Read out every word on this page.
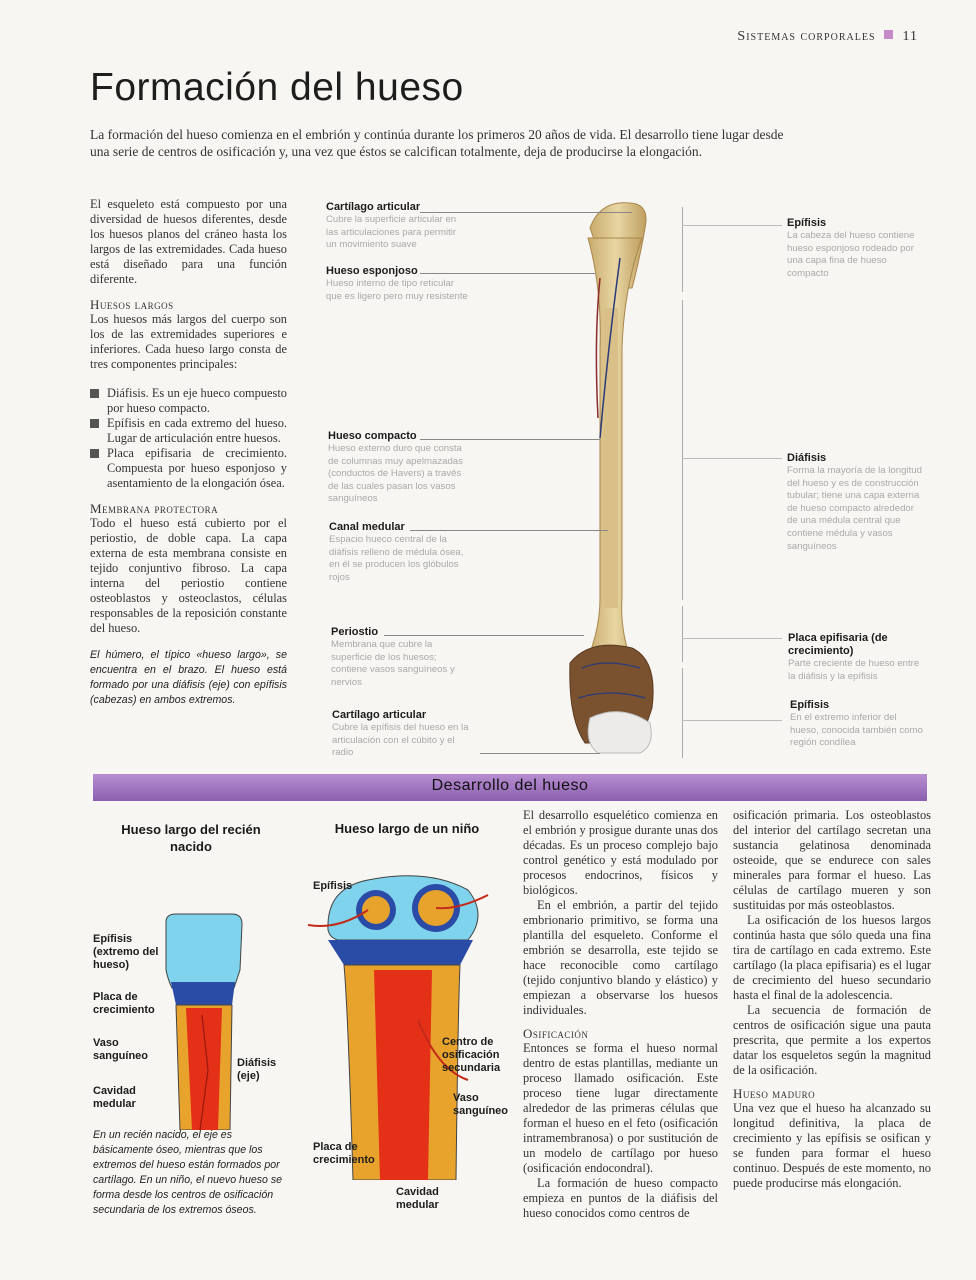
Sistemas corporales 11
Formación del hueso
La formación del hueso comienza en el embrión y continúa durante los primeros 20 años de vida. El desarrollo tiene lugar desde una serie de centros de osificación y, una vez que éstos se calcifican totalmente, deja de producirse la elongación.

El esqueleto está compuesto por una diversidad de huesos diferentes, desde los huesos planos del cráneo hasta los largos de las extremidades. Cada hueso está diseñado para una función diferente.

Huesos largos

Los huesos más largos del cuerpo son los de las extremidades superiores e inferiores. Cada hueso largo consta de tres componentes principales:

Diáfisis. Es un eje hueco compuesto por hueso compacto.
Epífisis en cada extremo del hueso. Lugar de articulación entre huesos.
Placa epifisaria de crecimiento. Compuesta por hueso esponjoso y asentamiento de la elongación ósea.
Membrana protectora

Todo el hueso está cubierto por el periostio, de doble capa. La capa externa de esta membrana consiste en tejido conjuntivo fibroso. La capa interna del periostio contiene osteoblastos y osteoclastos, células responsables de la reposición constante del hueso.

El húmero, el típico «hueso largo», se encuentra en el brazo. El hueso está formado por una diáfisis (eje) con epífisis (cabezas) en ambos extremos.
Cartílago articular
Cubre la superficie articular en las articulaciones para permitir un movimiento suave
Hueso esponjoso
Hueso interno de tipo reticular que es ligero pero muy resistente
Hueso compacto
Hueso externo duro que consta de columnas muy apelmazadas (conductos de Havers) a través de las cuales pasan los vasos sanguíneos
Canal medular
Espacio hueco central de la diáfisis relleno de médula ósea, en él se producen los glóbulos rojos
Periostio
Membrana que cubre la superficie de los huesos; contiene vasos sanguíneos y nervios
Cartílago articular
Cubre la epífisis del hueso en la articulación con el cúbito y el radio
Epífisis
La cabeza del hueso contiene hueso esponjoso rodeado por una capa fina de hueso compacto
Diáfisis
Forma la mayoría de la longitud del hueso y es de construcción tubular; tiene una capa externa de hueso compacto alrededor de una médula central que contiene médula y vasos sanguíneos
Placa epifisaria (de crecimiento)
Parte creciente de hueso entre la diáfisis y la epífisis
Epífisis
En el extremo inferior del hueso, conocida también como región condílea
Desarrollo del hueso
Hueso largo del recién nacido
Epífisis (extremo del hueso)
Placa de crecimiento
Vaso sanguíneo
Diáfisis (eje)
Cavidad medular
En un recién nacido, el eje es básicamente óseo, mientras que los extremos del hueso están formados por cartílago. En un niño, el nuevo hueso se forma desde los centros de osificación secundaria de los extremos óseos.
Hueso largo de un niño
Epífisis
Centro de osificación secundaria
Vaso sanguíneo
Placa de crecimiento
Cavidad medular

El desarrollo esquelético comienza en el embrión y prosigue durante unas dos décadas. Es un proceso complejo bajo control genético y está modulado por procesos endocrinos, físicos y biológicos.

En el embrión, a partir del tejido embrionario primitivo, se forma una plantilla del esqueleto. Conforme el embrión se desarrolla, este tejido se hace reconocible como cartílago (tejido conjuntivo blando y elástico) y empiezan a observarse los huesos individuales.

Osificación

Entonces se forma el hueso normal dentro de estas plantillas, mediante un proceso llamado osificación. Este proceso tiene lugar directamente alrededor de las primeras células que forman el hueso en el feto (osificación intramembranosa) o por sustitución de un modelo de cartílago por hueso (osificación endocondral).

La formación de hueso compacto empieza en puntos de la diáfisis del hueso conocidos como centros de

osificación primaria. Los osteoblastos del interior del cartílago secretan una sustancia gelatinosa denominada osteoide, que se endurece con sales minerales para formar el hueso. Las células de cartílago mueren y son sustituidas por más osteoblastos.

La osificación de los huesos largos continúa hasta que sólo queda una fina tira de cartílago en cada extremo. Este cartílago (la placa epifisaria) es el lugar de crecimiento del hueso secundario hasta el final de la adolescencia.

La secuencia de formación de centros de osificación sigue una pauta prescrita, que permite a los expertos datar los esqueletos según la magnitud de la osificación.

Hueso maduro

Una vez que el hueso ha alcanzado su longitud definitiva, la placa de crecimiento y las epífisis se osifican y se funden para formar el hueso continuo. Después de este momento, no puede producirse más elongación.
